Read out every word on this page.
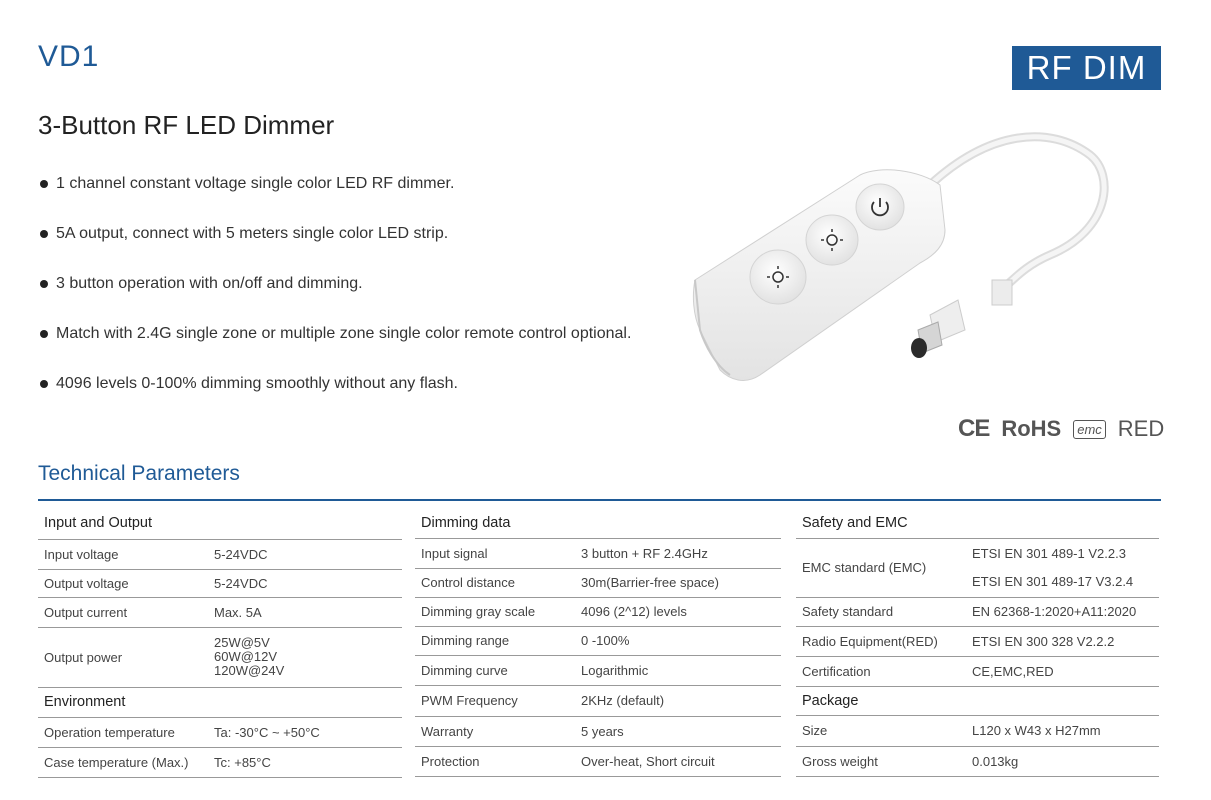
VD1	RF DIM
3-Button RF LED Dimmer
1 channel constant voltage single color LED RF dimmer.
5A output, connect with 5 meters single color LED strip.
3 button operation with on/off and dimming.
Match with 2.4G single zone or multiple zone single color remote control optional.
4096 levels 0-100% dimming smoothly without any flash.
CE RoHS	emc RED
Technical Parameters
Input and Output	
Input voltage	5-24VDC
Output voltage	5-24VDC
Output current	Max. 5A
Output power	25W@5V
60W@12V
120W@24V

Environment	
Operation temperature	Ta: -30°C ~ +50°C
Case temperature (Max.)	Tc: +85°C
Dimming data	
Input signal	3 button + RF 2.4GHz
Control distance	30m(Barrier-free space)
Dimming gray scale	4096 (2^12) levels
Dimming range	0 -100%
Dimming curve	Logarithmic
PWM Frequency	2KHz (default)
Warranty	5 years
Protection	Over-heat, Short circuit
Safety and EMC	
EMC standard (EMC)	ETSI EN 301 489-1 V2.2.3
ETSI EN 301 489-17 V3.2.4

Safety standard	EN 62368-1:2020+A11:2020
Radio Equipment(RED)	ETSI EN 300 328 V2.2.2
Certification	CE,EMC,RED
Package	
Size	L120 x W43 x H27mm
Gross weight	0.013kg
